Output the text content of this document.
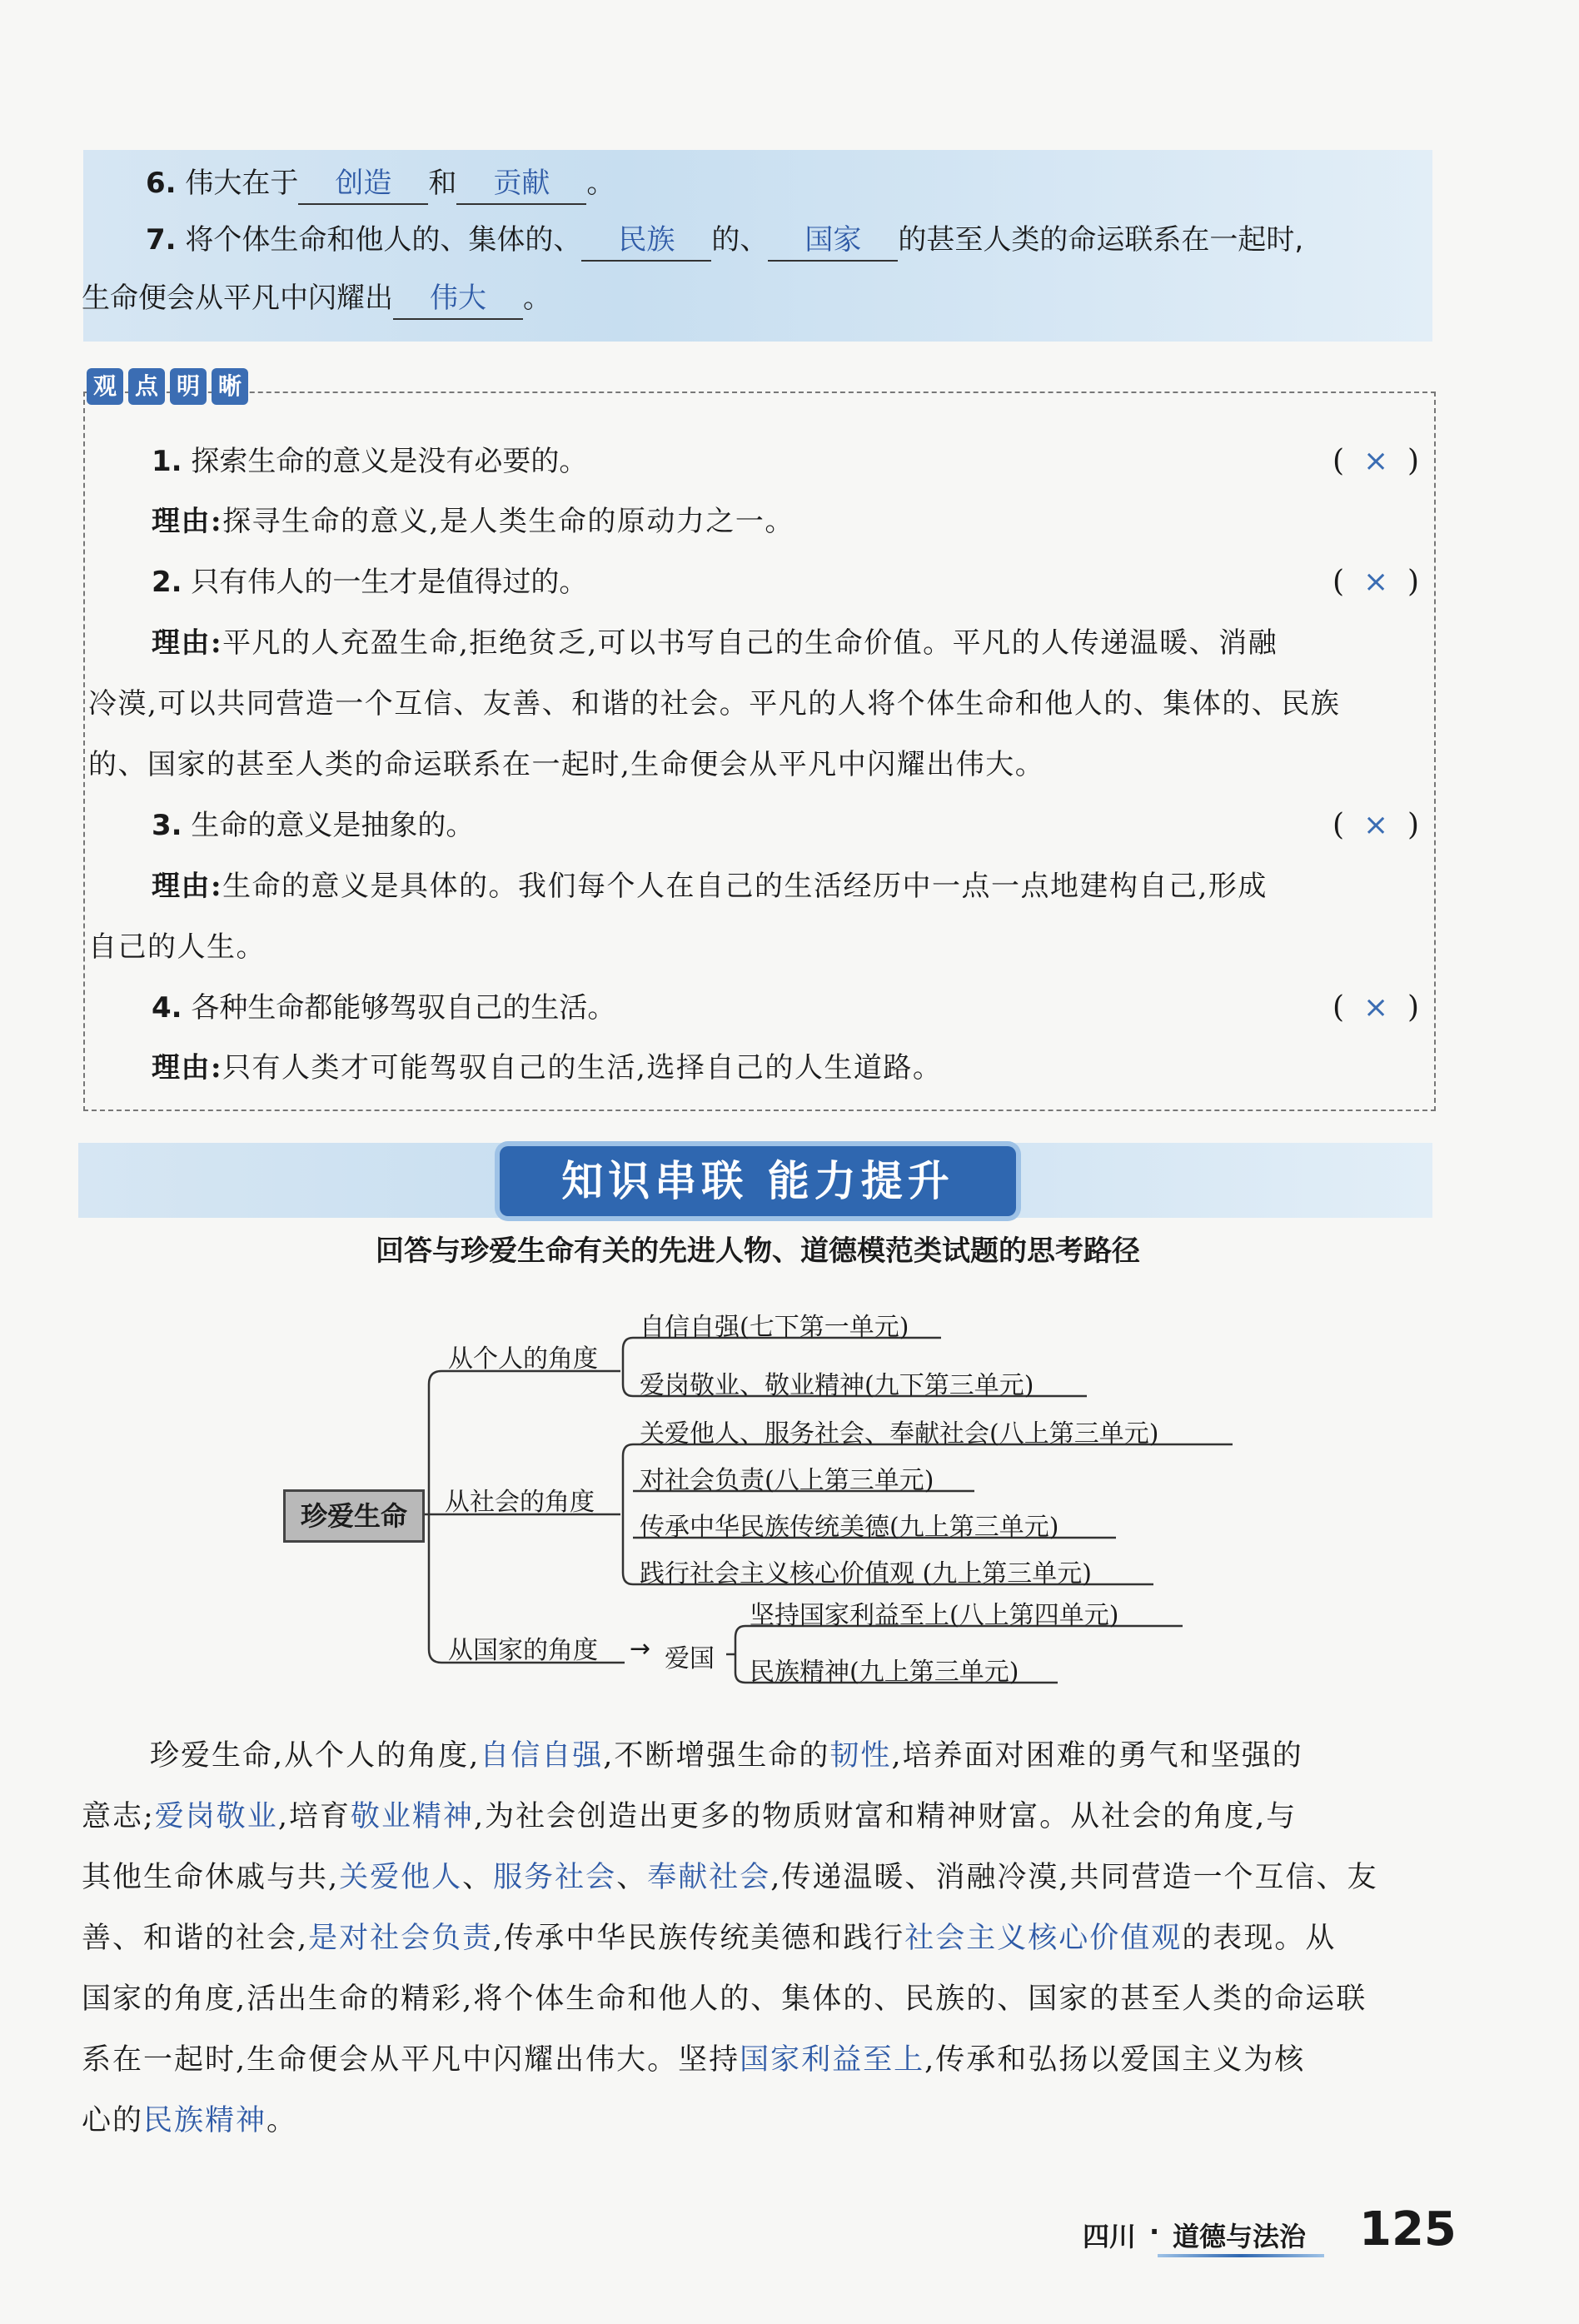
6. 伟大在于 创造 和 贡献 。
7. 将个体生命和他人的、集体的、 民族 的、 国家 的甚至人类的命运联系在一起时,
生命便会从平凡中闪耀出 伟大 。
观 点 明 晰
1. 探索生命的意义是没有必要的。	(  ×  )
理由:探寻生命的意义,是人类生命的原动力之一。
2. 只有伟人的一生才是值得过的。	(  ×  )
理由:平凡的人充盈生命,拒绝贫乏,可以书写自己的生命价值。平凡的人传递温暖、消融
冷漠,可以共同营造一个互信、友善、和谐的社会。平凡的人将个体生命和他人的、集体的、民族
的、国家的甚至人类的命运联系在一起时,生命便会从平凡中闪耀出伟大。
3. 生命的意义是抽象的。	(  ×  )
理由:生命的意义是具体的。我们每个人在自己的生活经历中一点一点地建构自己,形成
自己的人生。
4. 各种生命都能够驾驭自己的生活。	(  ×  )
理由:只有人类才可能驾驭自己的生活,选择自己的人生道路。
知识串联 能力提升
回答与珍爱生命有关的先进人物、道德模范类试题的思考路径
珍爱生命
从个人的角度
自信自强(七下第一单元)
爱岗敬业、敬业精神(九下第三单元)
从社会的角度
关爱他人、服务社会、奉献社会(八上第三单元)
对社会负责(八上第三单元)
传承中华民族传统美德(九上第三单元)
践行社会主义核心价值观 (九上第三单元)
从国家的角度 → 爱国
坚持国家利益至上(八上第四单元)
民族精神(九上第三单元)
珍爱生命,从个人的角度,自信自强,不断增强生命的韧性,培养面对困难的勇气和坚强的
意志;爱岗敬业,培育敬业精神,为社会创造出更多的物质财富和精神财富。从社会的角度,与
其他生命休戚与共,关爱他人、服务社会、奉献社会,传递温暖、消融冷漠,共同营造一个互信、友
善、和谐的社会,是对社会负责,传承中华民族传统美德和践行社会主义核心价值观的表现。从
国家的角度,活出生命的精彩,将个体生命和他人的、集体的、民族的、国家的甚至人类的命运联
系在一起时,生命便会从平凡中闪耀出伟大。坚持国家利益至上,传承和弘扬以爱国主义为核
心的民族精神。
四川 · 道德与法治 125
